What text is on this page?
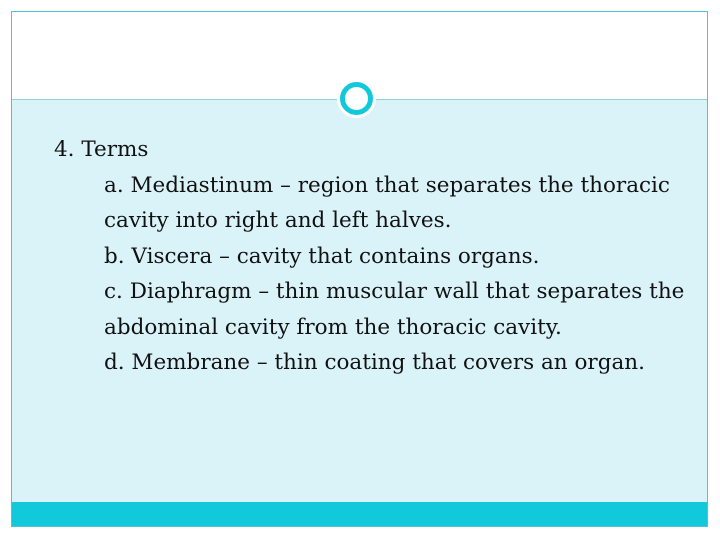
4. Terms

a. Mediastinum – region that separates the thoracic cavity into right and left halves.
b. Viscera – cavity that contains organs.
c. Diaphragm – thin muscular wall that separates the abdominal cavity from the thoracic cavity.
d. Membrane – thin coating that covers an organ.
